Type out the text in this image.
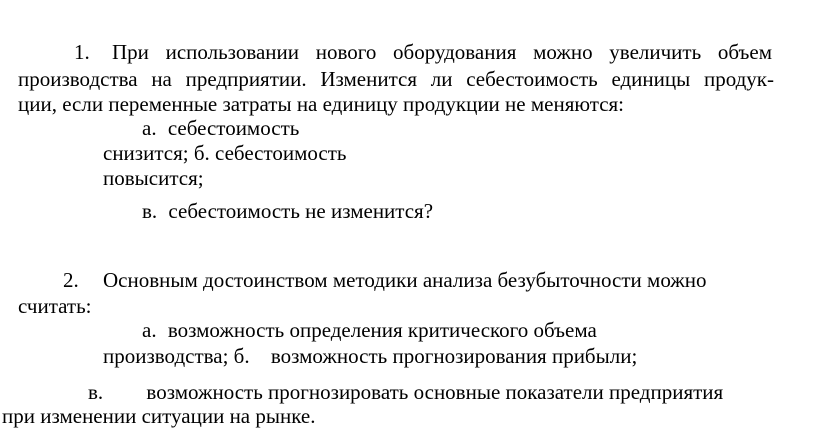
1. При использовании нового оборудования можно увеличить объем
производства на предприятии. Изменится ли себестоимость единицы продук-
ции, если переменные затраты на единицу продукции не меняются:
а. себестоимость
снизится; б. себестоимость
повысится;
в. себестоимость не изменится?
2. Основным достоинством методики анализа безубыточности можно
считать:
а. возможность определения критического объема
производства; б. возможность прогнозирования прибыли;
в. возможность прогнозировать основные показатели предприятия
при изменении ситуации на рынке.
